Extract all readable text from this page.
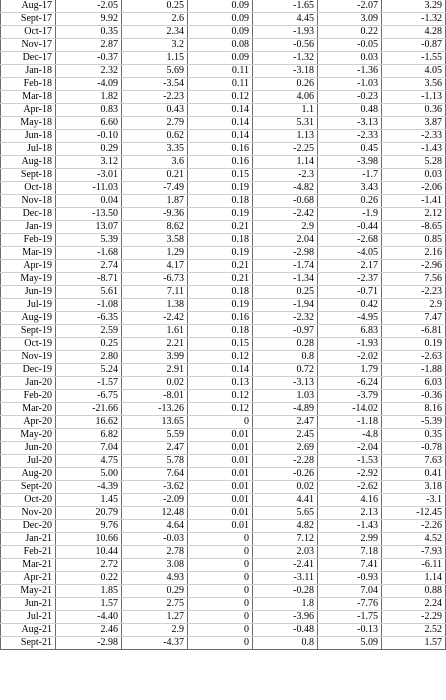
Aug-17	-2.05	0.25	0.09	-1.65	-2.07	3.29
Sept-17	9.92	2.6	0.09	4.45	3.09	-1.32
Oct-17	0.35	2.34	0.09	-1.93	0.22	4.28
Nov-17	2.87	3.2	0.08	-0.56	-0.05	-0.87
Dec-17	-0.37	1.15	0.09	-1.32	0.03	-1.55
Jan-18	2.32	5.69	0.11	-3.18	-1.36	4.05
Feb-18	-4.09	-3.54	0.11	0.26	-1.03	3.56
Mar-18	1.82	-2.23	0.12	4.06	-0.23	-1.13
Apr-18	0.83	0.43	0.14	1.1	0.48	0.36
May-18	6.60	2.79	0.14	5.31	-3.13	3.87
Jun-18	-0.10	0.62	0.14	1.13	-2.33	-2.33
Jul-18	0.29	3.35	0.16	-2.25	0.45	-1.43
Aug-18	3.12	3.6	0.16	1.14	-3.98	5.28
Sept-18	-3.01	0.21	0.15	-2.3	-1.7	0.03
Oct-18	-11.03	-7.49	0.19	-4.82	3.43	-2.06
Nov-18	0.04	1.87	0.18	-0.68	0.26	-1.41
Dec-18	-13.50	-9.36	0.19	-2.42	-1.9	2.12
Jan-19	13.07	8.62	0.21	2.9	-0.44	-8.65
Feb-19	5.39	3.58	0.18	2.04	-2.68	0.85
Mar-19	-1.68	1.29	0.19	-2.98	-4.05	2.16
Apr-19	2.74	4.17	0.21	-1.74	2.17	-2.96
May-19	-8.71	-6.73	0.21	-1.34	-2.37	7.56
Jun-19	5.61	7.11	0.18	0.25	-0.71	-2.23
Jul-19	-1.08	1.38	0.19	-1.94	0.42	2.9
Aug-19	-6.35	-2.42	0.16	-2.32	-4.95	7.47
Sept-19	2.59	1.61	0.18	-0.97	6.83	-6.81
Oct-19	0.25	2.21	0.15	0.28	-1.93	0.19
Nov-19	2.80	3.99	0.12	0.8	-2.02	-2.63
Dec-19	5.24	2.91	0.14	0.72	1.79	-1.88
Jan-20	-1.57	0.02	0.13	-3.13	-6.24	6.03
Feb-20	-6.75	-8.01	0.12	1.03	-3.79	-0.36
Mar-20	-21.66	-13.26	0.12	-4.89	-14.02	8.16
Apr-20	16.62	13.65	0	2.47	-1.18	-5.39
May-20	6.82	5.59	0.01	2.45	-4.8	0.35
Jun-20	7.04	2.47	0.01	2.69	-2.04	-0.78
Jul-20	4.75	5.78	0.01	-2.28	-1.53	7.63
Aug-20	5.00	7.64	0.01	-0.26	-2.92	0.41
Sept-20	-4.39	-3.62	0.01	0.02	-2.62	3.18
Oct-20	1.45	-2.09	0.01	4.41	4.16	-3.1
Nov-20	20.79	12.48	0.01	5.65	2.13	-12.45
Dec-20	9.76	4.64	0.01	4.82	-1.43	-2.26
Jan-21	10.66	-0.03	0	7.12	2.99	4.52
Feb-21	10.44	2.78	0	2.03	7.18	-7.93
Mar-21	2.72	3.08	0	-2.41	7.41	-6.11
Apr-21	0.22	4.93	0	-3.11	-0.93	1.14
May-21	1.85	0.29	0	-0.28	7.04	0.88
Jun-21	1.57	2.75	0	1.8	-7.76	2.24
Jul-21	-4.40	1.27	0	-3.96	-1.75	-2.29
Aug-21	2.46	2.9	0	-0.48	-0.13	2.52
Sept-21	-2.98	-4.37	0	0.8	5.09	1.57
